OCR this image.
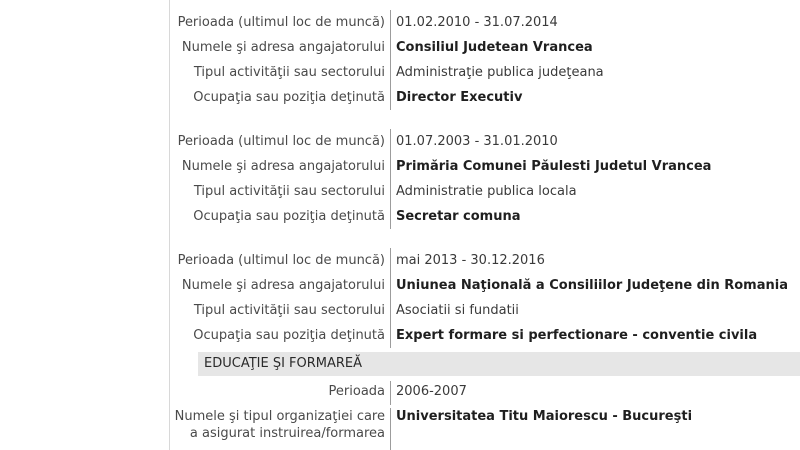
Perioada (ultimul loc de muncă) 01.02.2010 - 31.07.2014
Numele şi adresa angajatorului Consiliul Judetean Vrancea
Tipul activităţii sau sectorului Administraţie publica judeţeana
Ocupaţia sau poziţia deţinută Director Executiv
Perioada (ultimul loc de muncă) 01.07.2003 - 31.01.2010
Numele şi adresa angajatorului Primăria Comunei Păulesti Judetul Vrancea
Tipul activităţii sau sectorului Administratie publica locala
Ocupaţia sau poziţia deţinută Secretar comuna
Perioada (ultimul loc de muncă) mai 2013 - 30.12.2016
Numele şi adresa angajatorului Uniunea Naţională a Consiliilor Judeţene din Romania
Tipul activităţii sau sectorului Asociatii si fundatii
Ocupaţia sau poziţia deţinută Expert formare si perfectionare - conventie civila
EDUCAŢIE ŞI FORMAREĂ
Perioada 2006-2007
Numele şi tipul organizaţiei care
a asigurat instruirea/formarea
Universitatea Titu Maiorescu - Bucureşti
